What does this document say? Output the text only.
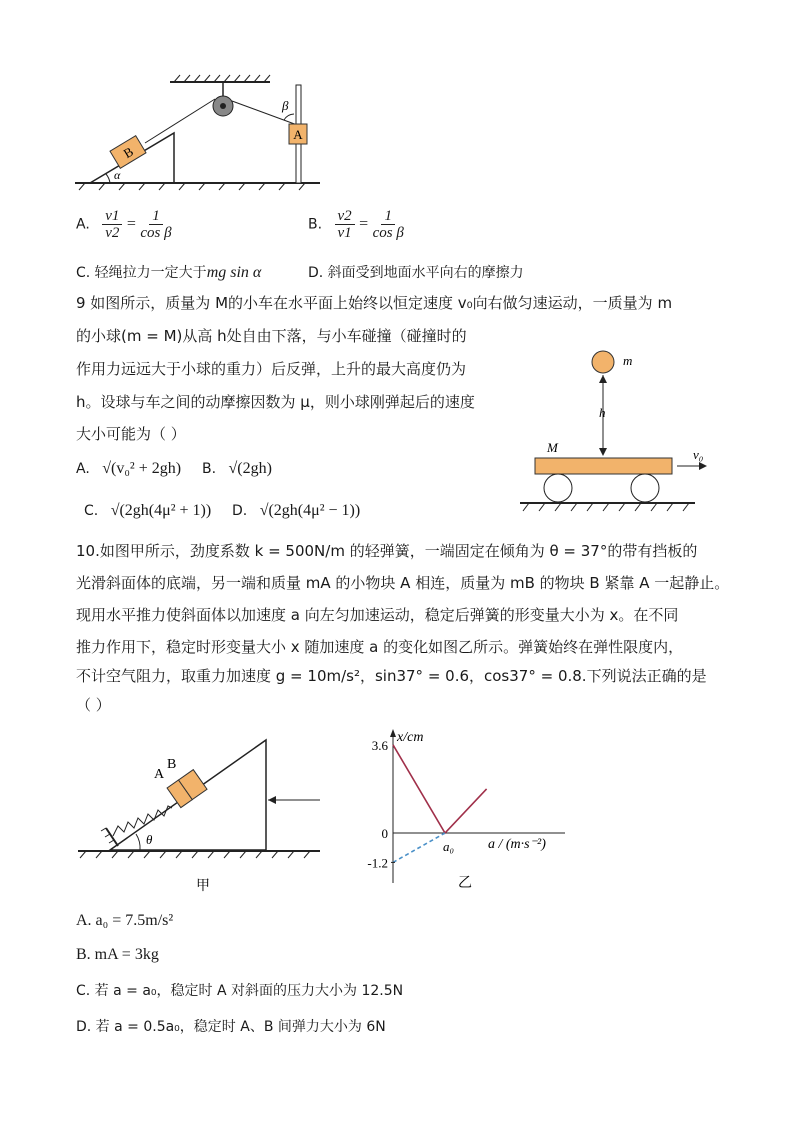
B
A
β
α
A. $\frac{v1}{v2} = \frac{1}{\text{cos β}}$	B. $\frac{v2}{v1} = \frac{1}{\text{cos β}}$
C. 轻绳拉力一定大于mg sin α	D. 斜面受到地面水平向右的摩擦力
9 如图所示，质量为 M的小车在水平面上始终以恒定速度 v₀向右做匀速运动，一质量为 m
的小球(m = M)从高 h处自由下落，与小车碰撞（碰撞时的
作用力远远大于小球的重力）后反弹，上升的最大高度仍为
h。设球与车之间的动摩擦因数为 μ，则小球刚弹起后的速度
大小可能为（ ）
A. √(v₀² + 2gh) B. √(2gh)
C. √(2gh(4μ² + 1)) D. √(2gh(4μ² − 1))
m
h
M	v₀
10.如图甲所示，劲度系数 k = 500N/m 的轻弹簧，一端固定在倾角为 θ = 37°的带有挡板的
光滑斜面体的底端，另一端和质量 mA 的小物块 A 相连，质量为 mB 的物块 B 紧靠 A 一起静止。
现用水平推力使斜面体以加速度 a 向左匀加速运动，稳定后弹簧的形变量大小为 x。在不同
推力作用下，稳定时形变量大小 x 随加速度 a 的变化如图乙所示。弹簧始终在弹性限度内，
不计空气阻力，取重力加速度 g = 10m/s²，sin37° = 0.6，cos37° = 0.8.下列说法正确的是
（ ）
A
B
θ
甲
x/cm
a / (m·s⁻²)
乙
3.6
0
-1.2
a₀
A. a₀ = 7.5m/s²
B. mA = 3kg
C. 若 a = a₀，稳定时 A 对斜面的压力大小为 12.5N
D. 若 a = 0.5a₀，稳定时 A、B 间弹力大小为 6N
